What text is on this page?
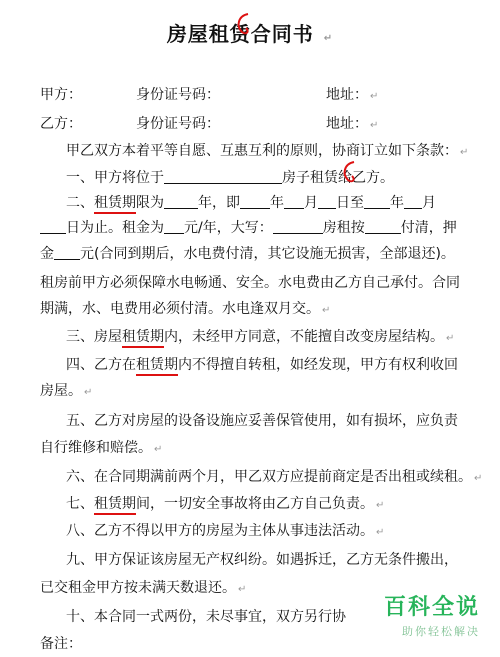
房屋租赁合同书 ↵
甲方：	身份证号码：	地址： ↵
乙方：	身份证号码：	地址： ↵
甲乙双方本着平等自愿、互惠互利的原则，协商订立如下条款： ↵
一、甲方将位于	房子租赁给乙方。
二、租赁期限为 年，即 年 月 日至 年 月
日为止。租金为 元/年，大写：	房租按	付清，押
金 元(合同到期后，水电费付清，其它设施无损害，全部退还)。
租房前甲方必须保障水电畅通、安全。水电费由乙方自己承付。合同
期满，水、电费用必须付清。水电逢双月交。 ↵
三、房屋租赁期内，未经甲方同意，不能擅自改变房屋结构。 ↵
四、乙方在租赁期内不得擅自转租，如经发现，甲方有权利收回
房屋。 ↵
五、乙方对房屋的设备设施应妥善保管使用，如有损坏，应负责
自行维修和赔偿。 ↵
六、在合同期满前两个月，甲乙双方应提前商定是否出租或续租。 ↵
七、租赁期间，一切安全事故将由乙方自己负责。 ↵
八、乙方不得以甲方的房屋为主体从事违法活动。 ↵
九、甲方保证该房屋无产权纠纷。如遇拆迁，乙方无条件搬出，
已交租金甲方按未满天数退还。 ↵
十、本合同一式两份，未尽事宜，双方另行协
备注：
百科全说
助你轻松解决
